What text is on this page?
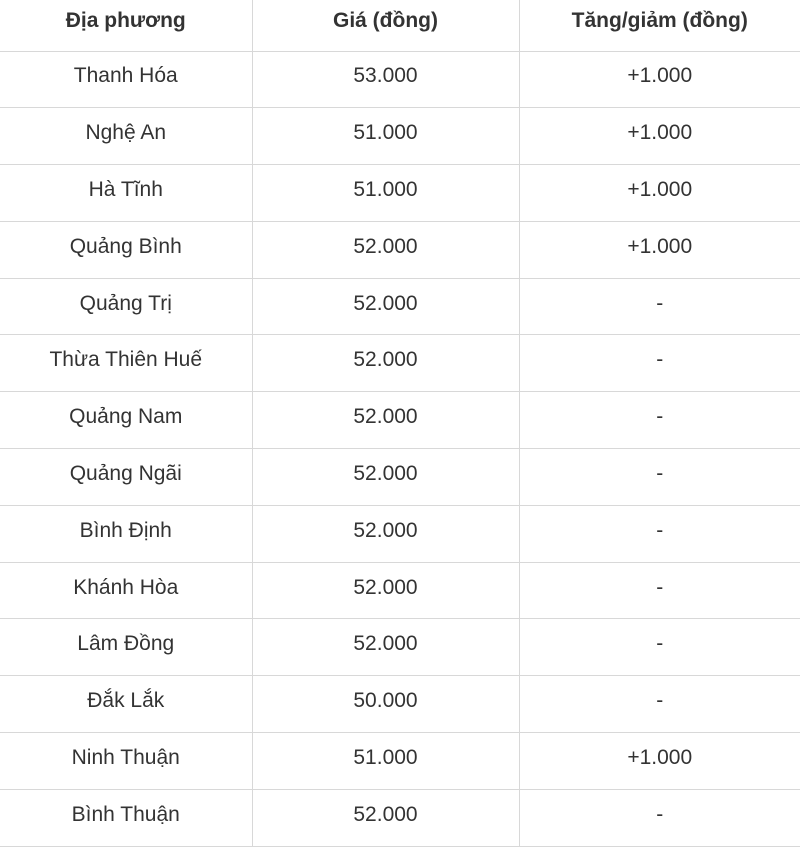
Địa phương	Giá (đồng)	Tăng/giảm (đồng)
Thanh Hóa	53.000	+1.000
Nghệ An	51.000	+1.000
Hà Tĩnh	51.000	+1.000
Quảng Bình	52.000	+1.000
Quảng Trị	52.000	-
Thừa Thiên Huế	52.000	-
Quảng Nam	52.000	-
Quảng Ngãi	52.000	-
Bình Định	52.000	-
Khánh Hòa	52.000	-
Lâm Đồng	52.000	-
Đắk Lắk	50.000	-
Ninh Thuận	51.000	+1.000
Bình Thuận	52.000	-
